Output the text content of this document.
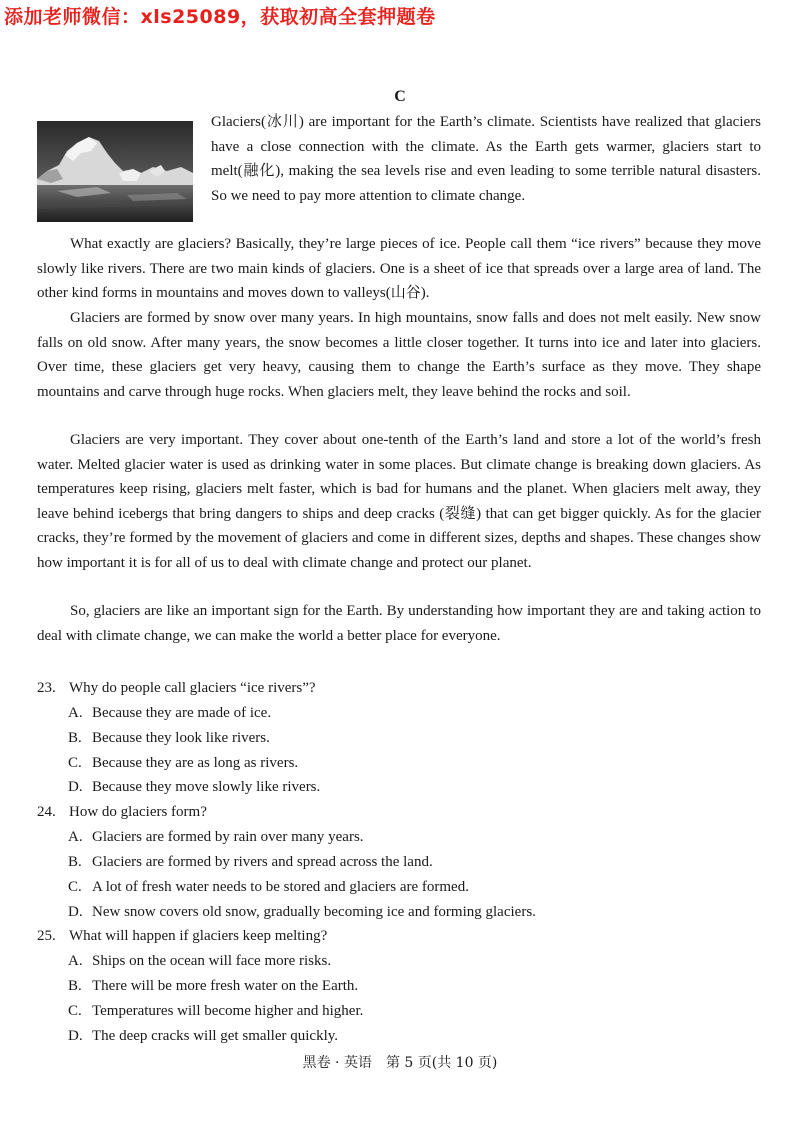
添加老师微信：xls25089，获取初高全套押题卷
C

Glaciers(冰川) are important for the Earth’s climate. Scientists have realized that glaciers have a close connection with the climate. As the Earth gets warmer, glaciers start to melt(融化), making the sea levels rise and even leading to some terrible natural disasters. So we need to pay more attention to climate change.

What exactly are glaciers? Basically, they’re large pieces of ice. People call them “ice rivers” because they move slowly like rivers. There are two main kinds of glaciers. One is a sheet of ice that spreads over a large area of land. The other kind forms in mountains and moves down to valleys(山谷).

Glaciers are formed by snow over many years. In high mountains, snow falls and does not melt easily. New snow falls on old snow. After many years, the snow becomes a little closer together. It turns into ice and later into glaciers. Over time, these glaciers get very heavy, causing them to change the Earth’s surface as they move. They shape mountains and carve through huge rocks. When glaciers melt, they leave behind the rocks and soil.

Glaciers are very important. They cover about one-tenth of the Earth’s land and store a lot of the world’s fresh water. Melted glacier water is used as drinking water in some places. But climate change is breaking down glaciers. As temperatures keep rising, glaciers melt faster, which is bad for humans and the planet. When glaciers melt away, they leave behind icebergs that bring dangers to ships and deep cracks (裂缝) that can get bigger quickly. As for the glacier cracks, they’re formed by the movement of glaciers and come in different sizes, depths and shapes. These changes show how important it is for all of us to deal with climate change and protect our planet.

So, glaciers are like an important sign for the Earth. By understanding how important they are and taking action to deal with climate change, we can make the world a better place for everyone.

23. Why do people call glaciers “ice rivers”?

A. Because they are made of ice.

B. Because they look like rivers.

C. Because they are as long as rivers.

D. Because they move slowly like rivers.

24. How do glaciers form?

A. Glaciers are formed by rain over many years.

B. Glaciers are formed by rivers and spread across the land.

C. A lot of fresh water needs to be stored and glaciers are formed.

D. New snow covers old snow, gradually becoming ice and forming glaciers.

25. What will happen if glaciers keep melting?

A. Ships on the ocean will face more risks.

B. There will be more fresh water on the Earth.

C. Temperatures will become higher and higher.

D. The deep cracks will get smaller quickly.

黑卷 · 英语　第 5 页(共 10 页)
